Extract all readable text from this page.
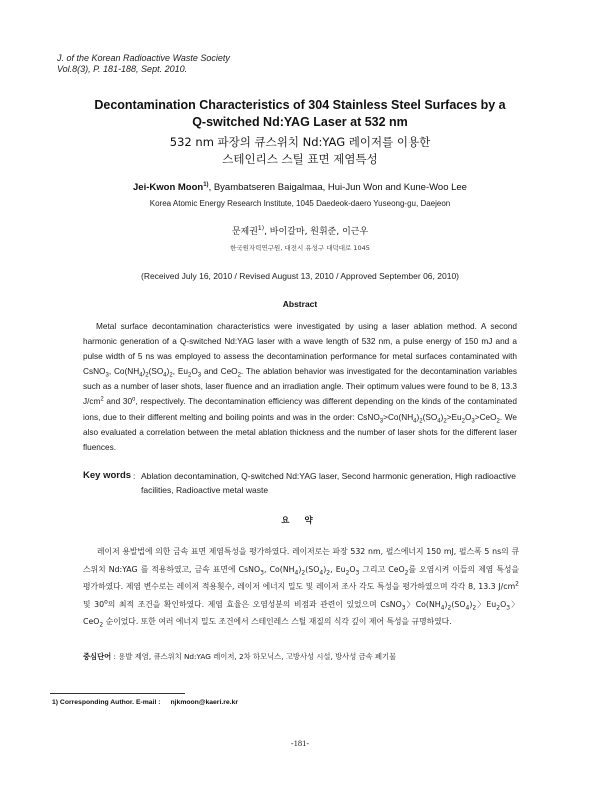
J. of the Korean Radioactive Waste Society
Vol.8(3), P. 181-188, Sept. 2010.
Decontamination Characteristics of 304 Stainless Steel Surfaces by a
Q-switched Nd:YAG Laser at 532 nm
532 nm 파장의 큐스위치 Nd:YAG 레이저를 이용한
스테인리스 스틸 표면 제염특성
Jei-Kwon Moon$^{1)}$, Byambatseren Baigalmaa, Hui-Jun Won and Kune-Woo Lee
Korea Atomic Energy Research Institute, 1045 Daedeok-daero Yuseong-gu, Daejeon
문제권$^{1)}$, 바이갈마, 원휘준, 이근우
한국원자력연구원, 대전시 유성구 대덕대로 1045
(Received July 16, 2010 / Revised August 13, 2010 / Approved September 06, 2010)
Abstract

Metal surface decontamination characteristics were investigated by using a laser ablation method. A second harmonic generation of a Q-switched Nd:YAG laser with a wave length of 532 nm, a pulse energy of 150 mJ and a pulse width of 5 ns was employed to assess the decontamination performance for metal surfaces contaminated with CsNO$_3$, $Co(NH_4)_2(SO_4)_2$, $Eu_2O_3$ and CeO$_2$. The ablation behavior was investigated for the decontamination variables such as a number of laser shots, laser fluence and an irradiation angle. Their optimum values were found to be 8, 13.3 $J/cm^2$ and 30$^o$, respectively. The decontamination efficiency was different depending on the kinds of the contaminated ions, due to their different melting and boiling points and was in the order: $CsNO_3>Co(NH_4)_2(SO_4)_2>Eu_2O_3>CeO_2$. We also evaluated a correlation between the metal ablation thickness and the number of laser shots for the different laser fluences.

Key words : Ablation decontamination, Q-switched Nd:YAG laser, Second harmonic generation, High radioactive facilities, Radioactive metal waste
요 약

레이저 용발법에 의한 금속 표면 제염특성을 평가하였다. 레이저로는 파장 532 nm, 펄스에너지 150 mJ, 펄스폭 5 ns의 큐스위치 Nd:YAG 를 적용하였고, 금속 표면에 CsNO$_3$, $Co(NH_4)_2(SO_4)_2$, $Eu_2O_3$ 그리고 CeO$_2$를 오염시켜 이들의 제염 특성을 평가하였다. 제염 변수로는 레이저 적용횟수, 레이저 에너지 밀도 및 레이저 조사 각도 특성을 평가하였으며 각각 8, 13.3 $J/cm^2$ 및 30$^o$의 최적 조건을 확인하였다. 제염 효율은 오염성분의 비점과 관련이 있었으며 CsNO$_3$〉$Co(NH_4)_2(SO_4)_2$〉$Eu_2O_3$〉CeO$_2$ 순이었다. 또한 여러 에너지 밀도 조건에서 스테인레스 스틸 재질의 식각 깊이 제어 특성을 규명하였다.

중심단어 : 용발 제염, 큐스위치 Nd:YAG 레이저, 2차 하모닉스, 고방사성 시설, 방사성 금속 폐기물
1) Corresponding Author. E-mail : njkmoon@kaeri.re.kr
-181-
